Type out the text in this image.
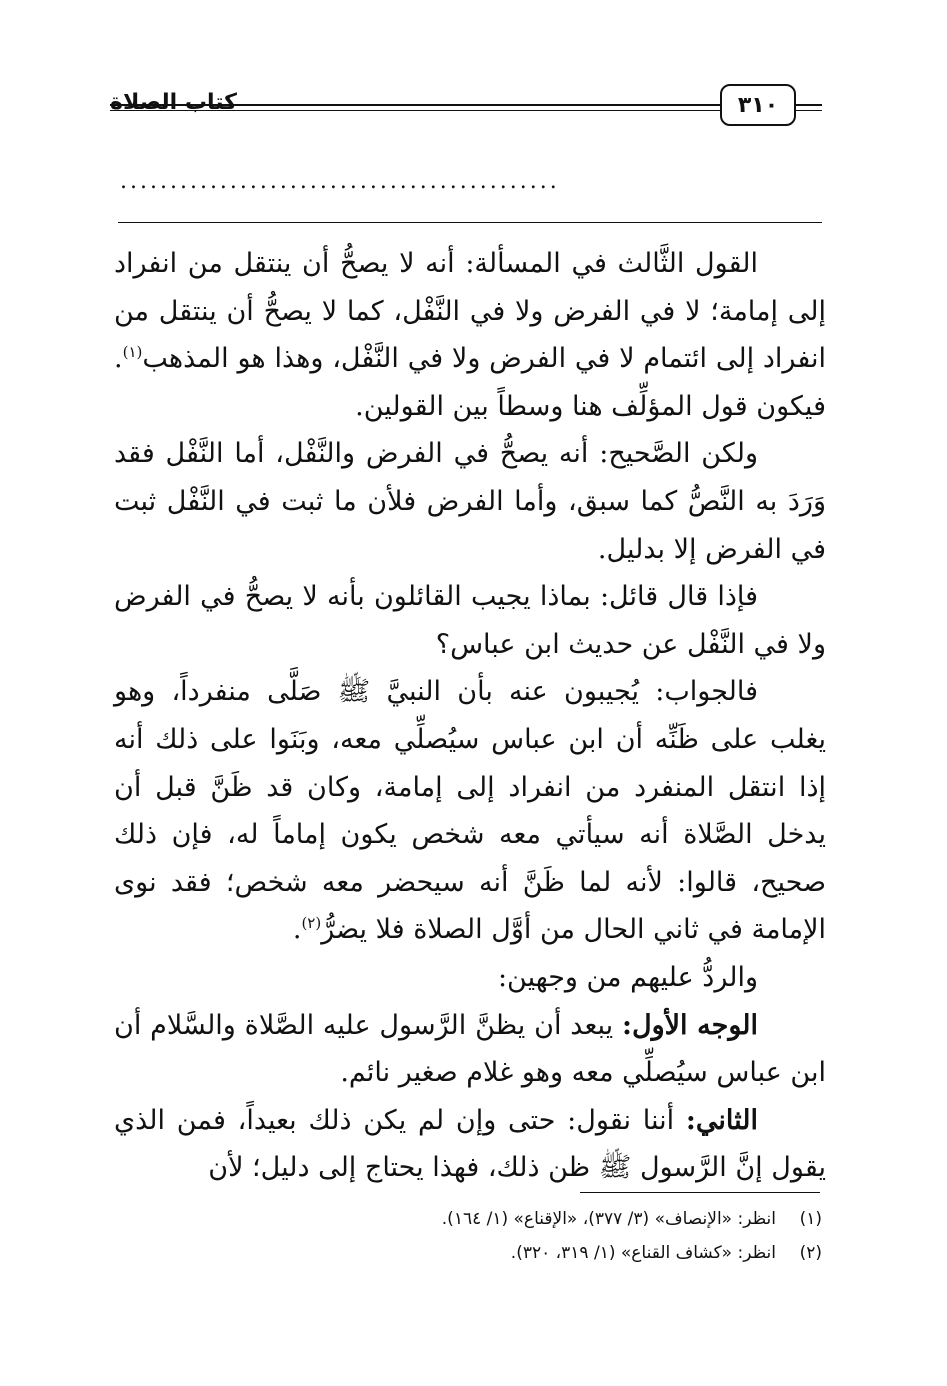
كتاب الصلاة	٣١٠
............................................

القول الثَّالث في المسألة: أنه لا يصحُّ أن ينتقل من انفراد إلى إمامة؛ لا في الفرض ولا في النَّفْل، كما لا يصحُّ أن ينتقل من انفراد إلى ائتمام لا في الفرض ولا في النَّفْل، وهذا هو المذهب$^{(١)}$. فيكون قول المؤلِّف هنا وسطاً بين القولين.

ولكن الصَّحيح: أنه يصحُّ في الفرض والنَّفْل، أما النَّفْل فقد وَرَدَ به النَّصُّ كما سبق، وأما الفرض فلأن ما ثبت في النَّفْل ثبت في الفرض إلا بدليل.

فإذا قال قائل: بماذا يجيب القائلون بأنه لا يصحُّ في الفرض ولا في النَّفْل عن حديث ابن عباس؟

فالجواب: يُجيبون عنه بأن النبيَّ ﷺ صَلَّى منفرداً، وهو يغلب على ظَنِّه أن ابن عباس سيُصلِّي معه، وبَنَوا على ذلك أنه إذا انتقل المنفرد من انفراد إلى إمامة، وكان قد ظَنَّ قبل أن يدخل الصَّلاة أنه سيأتي معه شخص يكون إماماً له، فإن ذلك صحيح، قالوا: لأنه لما ظَنَّ أنه سيحضر معه شخص؛ فقد نوى الإمامة في ثاني الحال من أوَّل الصلاة فلا يضرُّ$^{(٢)}$.

والردُّ عليهم من وجهين:

الوجه الأول: يبعد أن يظنَّ الرَّسول عليه الصَّلاة والسَّلام أن ابن عباس سيُصلِّي معه وهو غلام صغير نائم.

الثاني: أننا نقول: حتى وإن لم يكن ذلك بعيداً، فمن الذي يقول إنَّ الرَّسول ﷺ ظن ذلك، فهذا يحتاج إلى دليل؛ لأن

(١)
انظر: «الإنصاف» (٣/ ٣٧٧)، «الإقناع» (١/ ١٦٤).
(٢)
انظر: «كشاف القناع» (١/ ٣١٩، ٣٢٠).
